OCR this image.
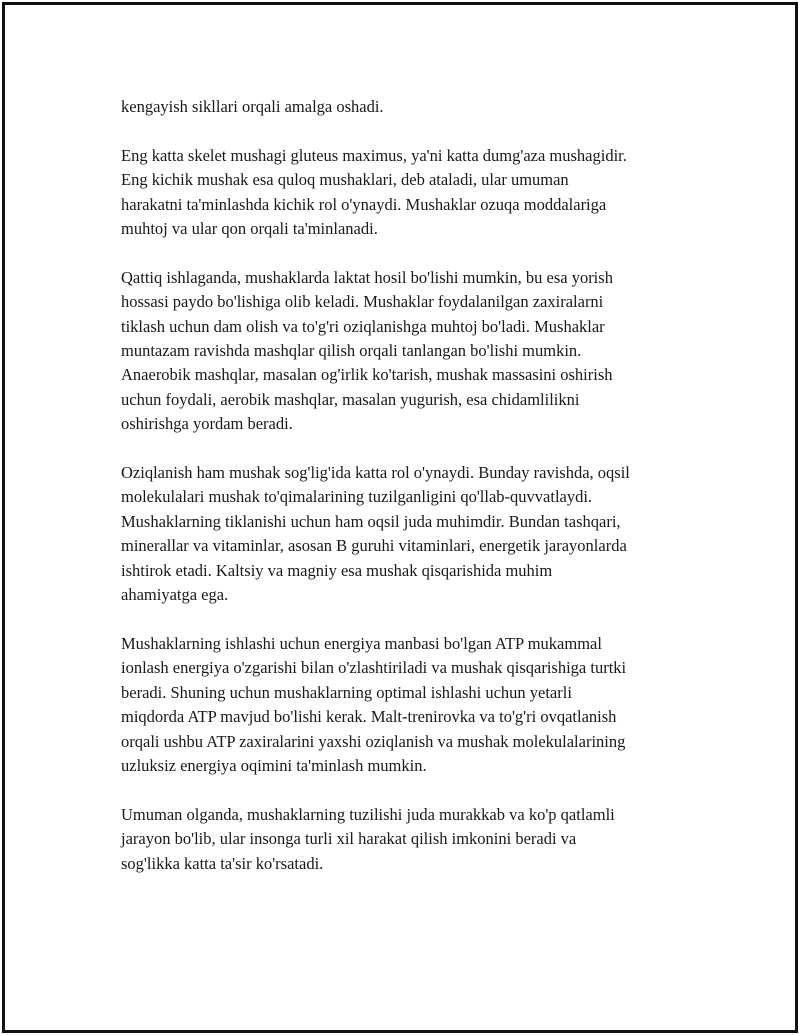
kengayish sikllari orqali amalga oshadi.

Eng katta skelet mushagi gluteus maximus, ya'ni katta dumg'aza mushagidir.
Eng kichik mushak esa quloq mushaklari, deb ataladi, ular umuman
harakatni ta'minlashda kichik rol o'ynaydi. Mushaklar ozuqa moddalariga
muhtoj va ular qon orqali ta'minlanadi.

Qattiq ishlaganda, mushaklarda laktat hosil bo'lishi mumkin, bu esa yorish
hossasi paydo bo'lishiga olib keladi. Mushaklar foydalanilgan zaxiralarni
tiklash uchun dam olish va to'g'ri oziqlanishga muhtoj bo'ladi. Mushaklar
muntazam ravishda mashqlar qilish orqali tanlangan bo'lishi mumkin.
Anaerobik mashqlar, masalan og'irlik ko'tarish, mushak massasini oshirish
uchun foydali, aerobik mashqlar, masalan yugurish, esa chidamlilikni
oshirishga yordam beradi.

Oziqlanish ham mushak sog'lig'ida katta rol o'ynaydi. Bunday ravishda, oqsil
molekulalari mushak to'qimalarining tuzilganligini qo'llab-quvvatlaydi.
Mushaklarning tiklanishi uchun ham oqsil juda muhimdir. Bundan tashqari,
minerallar va vitaminlar, asosan B guruhi vitaminlari, energetik jarayonlarda
ishtirok etadi. Kaltsiy va magniy esa mushak qisqarishida muhim
ahamiyatga ega.

Mushaklarning ishlashi uchun energiya manbasi bo'lgan ATP mukammal
ionlash energiya o'zgarishi bilan o'zlashtiriladi va mushak qisqarishiga turtki
beradi. Shuning uchun mushaklarning optimal ishlashi uchun yetarli
miqdorda ATP mavjud bo'lishi kerak. Malt-trenirovka va to'g'ri ovqatlanish
orqali ushbu ATP zaxiralarini yaxshi oziqlanish va mushak molekulalarining
uzluksiz energiya oqimini ta'minlash mumkin.

Umuman olganda, mushaklarning tuzilishi juda murakkab va ko'p qatlamli
jarayon bo'lib, ular insonga turli xil harakat qilish imkonini beradi va
sog'likka katta ta'sir ko'rsatadi.
